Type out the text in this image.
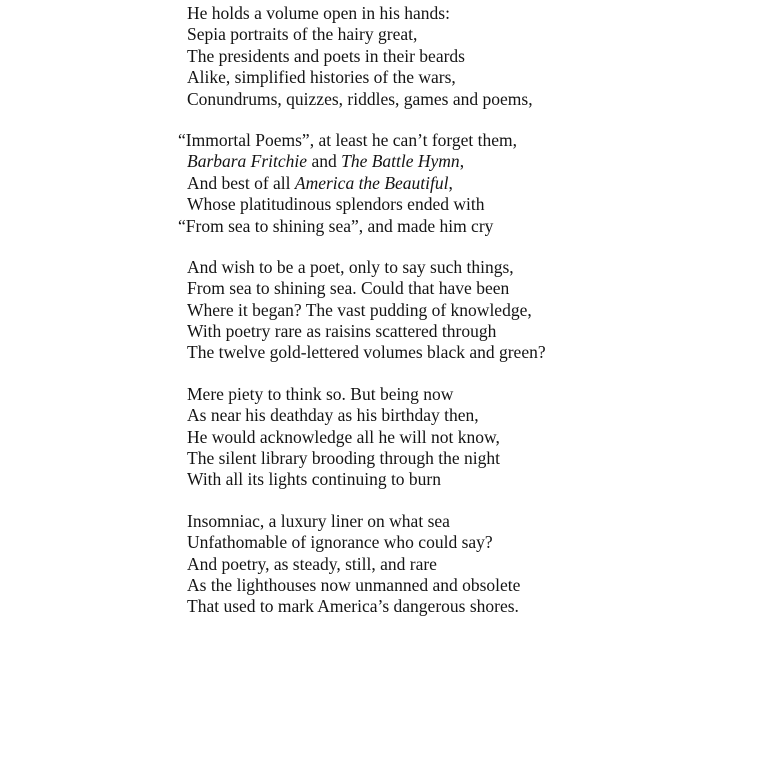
He holds a volume open in his hands:
Sepia portraits of the hairy great,
The presidents and poets in their beards
Alike, simplified histories of the wars,
Conundrums, quizzes, riddles, games and poems,
“Immortal Poems”, at least he can’t forget them,
Barbara Fritchie and The Battle Hymn,
And best of all America the Beautiful,
Whose platitudinous splendors ended with
“From sea to shining sea”, and made him cry
And wish to be a poet, only to say such things,
From sea to shining sea. Could that have been
Where it began? The vast pudding of knowledge,
With poetry rare as raisins scattered through
The twelve gold-lettered volumes black and green?
Mere piety to think so. But being now
As near his deathday as his birthday then,
He would acknowledge all he will not know,
The silent library brooding through the night
With all its lights continuing to burn
Insomniac, a luxury liner on what sea
Unfathomable of ignorance who could say?
And poetry, as steady, still, and rare
As the lighthouses now unmanned and obsolete
That used to mark America’s dangerous shores.
